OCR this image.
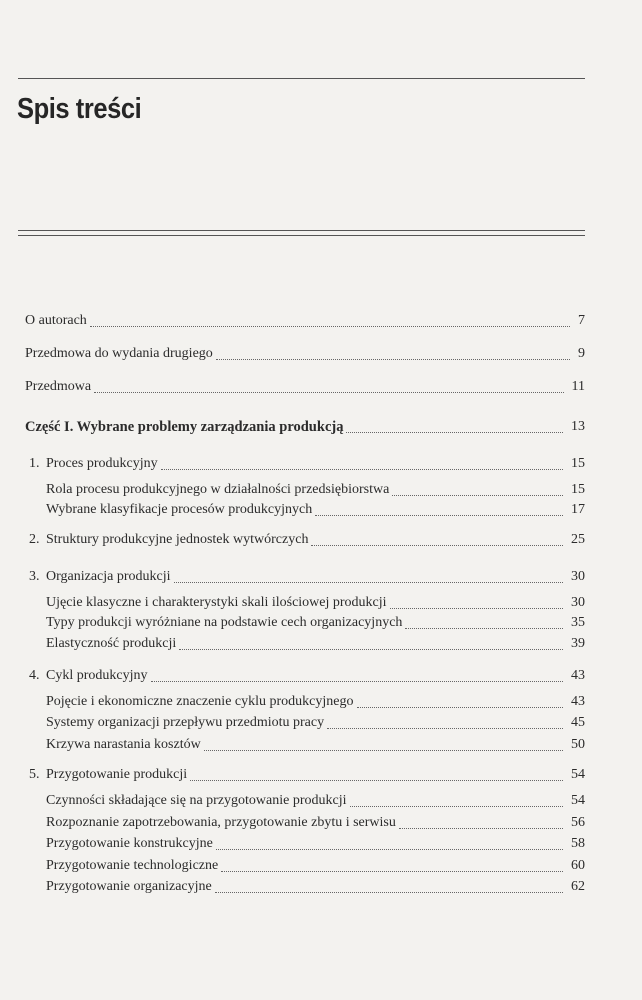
Spis treści
O autorach	7
Przedmowa do wydania drugiego	9
Przedmowa	11
Część I. Wybrane problemy zarządzania produkcją	13
1. Proces produkcyjny	15
Rola procesu produkcyjnego w działalności przedsiębiorstwa	15
Wybrane klasyfikacje procesów produkcyjnych	17
2. Struktury produkcyjne jednostek wytwórczych	25
3. Organizacja produkcji	30
Ujęcie klasyczne i charakterystyki skali ilościowej produkcji	30
Typy produkcji wyróżniane na podstawie cech organizacyjnych	35
Elastyczność produkcji	39
4. Cykl produkcyjny	43
Pojęcie i ekonomiczne znaczenie cyklu produkcyjnego	43
Systemy organizacji przepływu przedmiotu pracy	45
Krzywa narastania kosztów	50
5. Przygotowanie produkcji	54
Czynności składające się na przygotowanie produkcji	54
Rozpoznanie zapotrzebowania, przygotowanie zbytu i serwisu	56
Przygotowanie konstrukcyjne	58
Przygotowanie technologiczne	60
Przygotowanie organizacyjne	62
